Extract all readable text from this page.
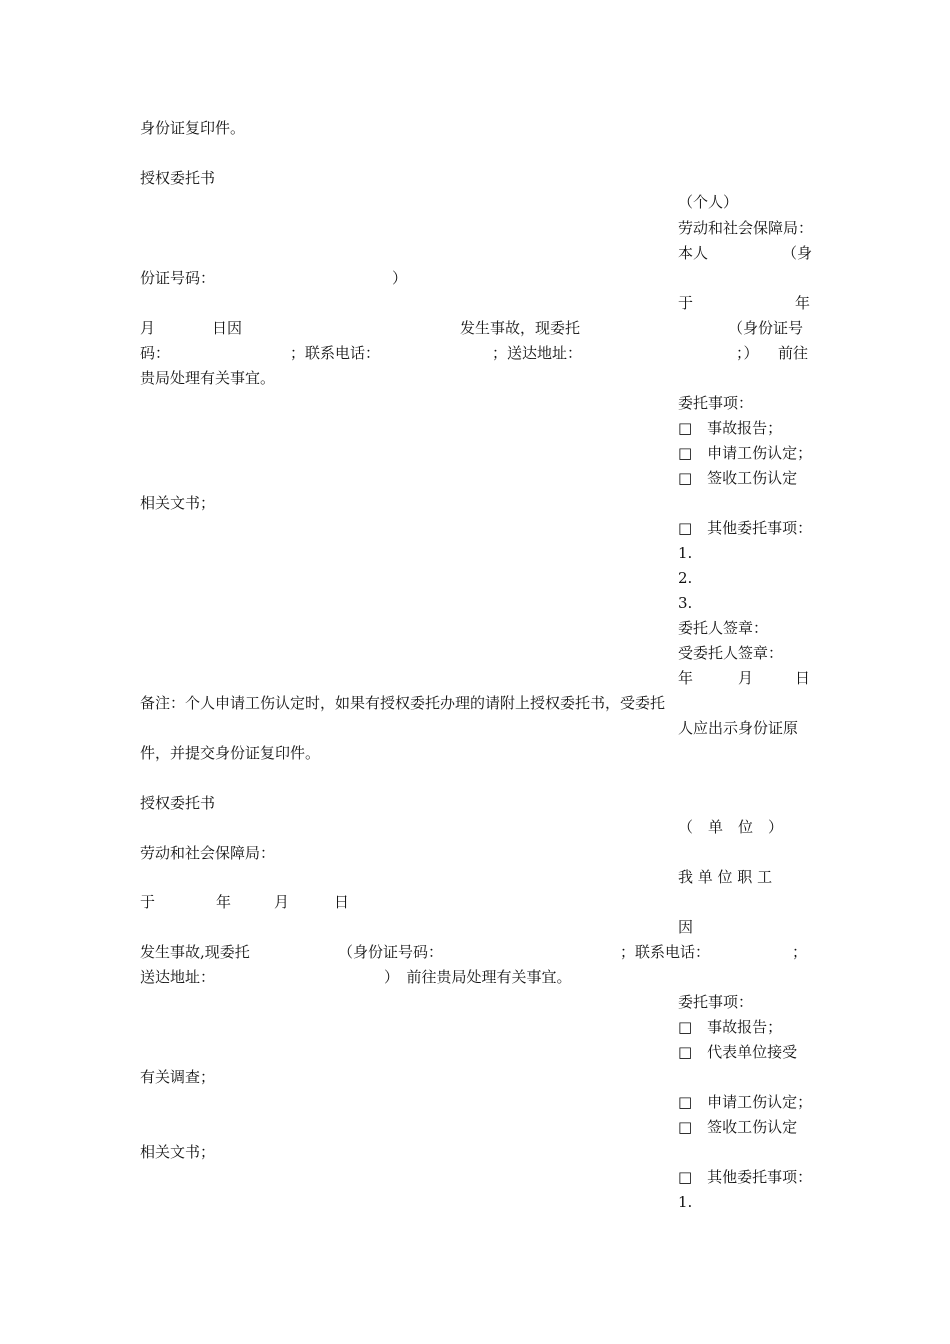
身份证复印件。
授权委托书
（个人）
劳动和社会保障局：
本人	（身
份证号码：	）
于	年
月	日因	发生事故，现委托	（身份证号
码：	；联系电话：	；送达地址：	；） 前往
贵局处理有关事宜。
委托事项：
□　事故报告；
□　申请工伤认定；
□　签收工伤认定
相关文书；
□　其他委托事项：
1.
2.
3.
委托人签章：
受委托人签章：
年	月	日
备注：个人申请工伤认定时，如果有授权委托办理的请附上授权委托书，受委托
人应出示身份证原
件，并提交身份证复印件。
授权委托书
（　单　位　）
劳动和社会保障局：
我 单 位 职 工
于	年	月	日
因
发生事故,现委托	（身份证号码：	；联系电话：	；
送达地址：	）　前往贵局处理有关事宜。
委托事项：
□　事故报告；
□　代表单位接受
有关调查；
□　申请工伤认定；
□　签收工伤认定
相关文书；
□　其他委托事项：
1.
